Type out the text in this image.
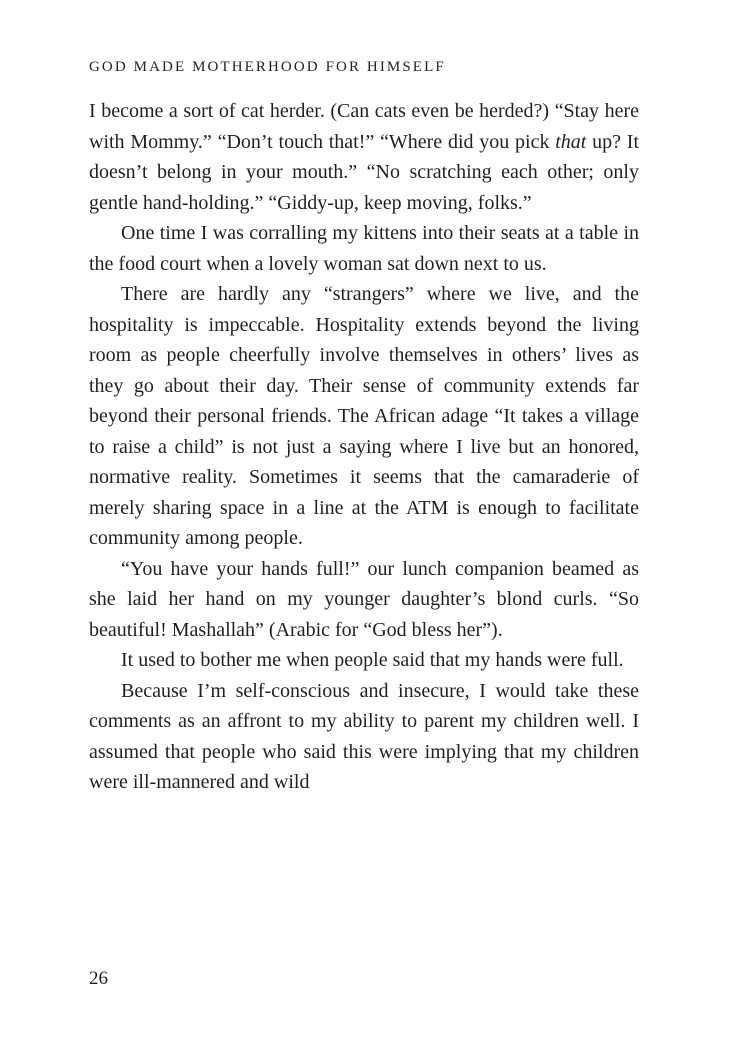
GOD MADE MOTHERHOOD FOR HIMSELF

I become a sort of cat herder. (Can cats even be herded?) “Stay here with Mommy.” “Don’t touch that!” “Where did you pick that up? It doesn’t belong in your mouth.” “No scratching each other; only gentle hand-holding.” “Giddy-up, keep moving, folks.”

One time I was corralling my kittens into their seats at a table in the food court when a lovely woman sat down next to us.

There are hardly any “strangers” where we live, and the hospitality is impeccable. Hospitality extends beyond the living room as people cheerfully involve themselves in others’ lives as they go about their day. Their sense of community extends far beyond their personal friends. The African adage “It takes a village to raise a child” is not just a saying where I live but an honored, normative reality. Sometimes it seems that the camaraderie of merely sharing space in a line at the ATM is enough to facilitate community among people.

“You have your hands full!” our lunch companion beamed as she laid her hand on my younger daughter’s blond curls. “So beautiful! Mashallah” (Arabic for “God bless her”).

It used to bother me when people said that my hands were full.

Because I’m self-conscious and insecure, I would take these comments as an affront to my ability to parent my children well. I assumed that people who said this were implying that my children were ill-mannered and wild

26
